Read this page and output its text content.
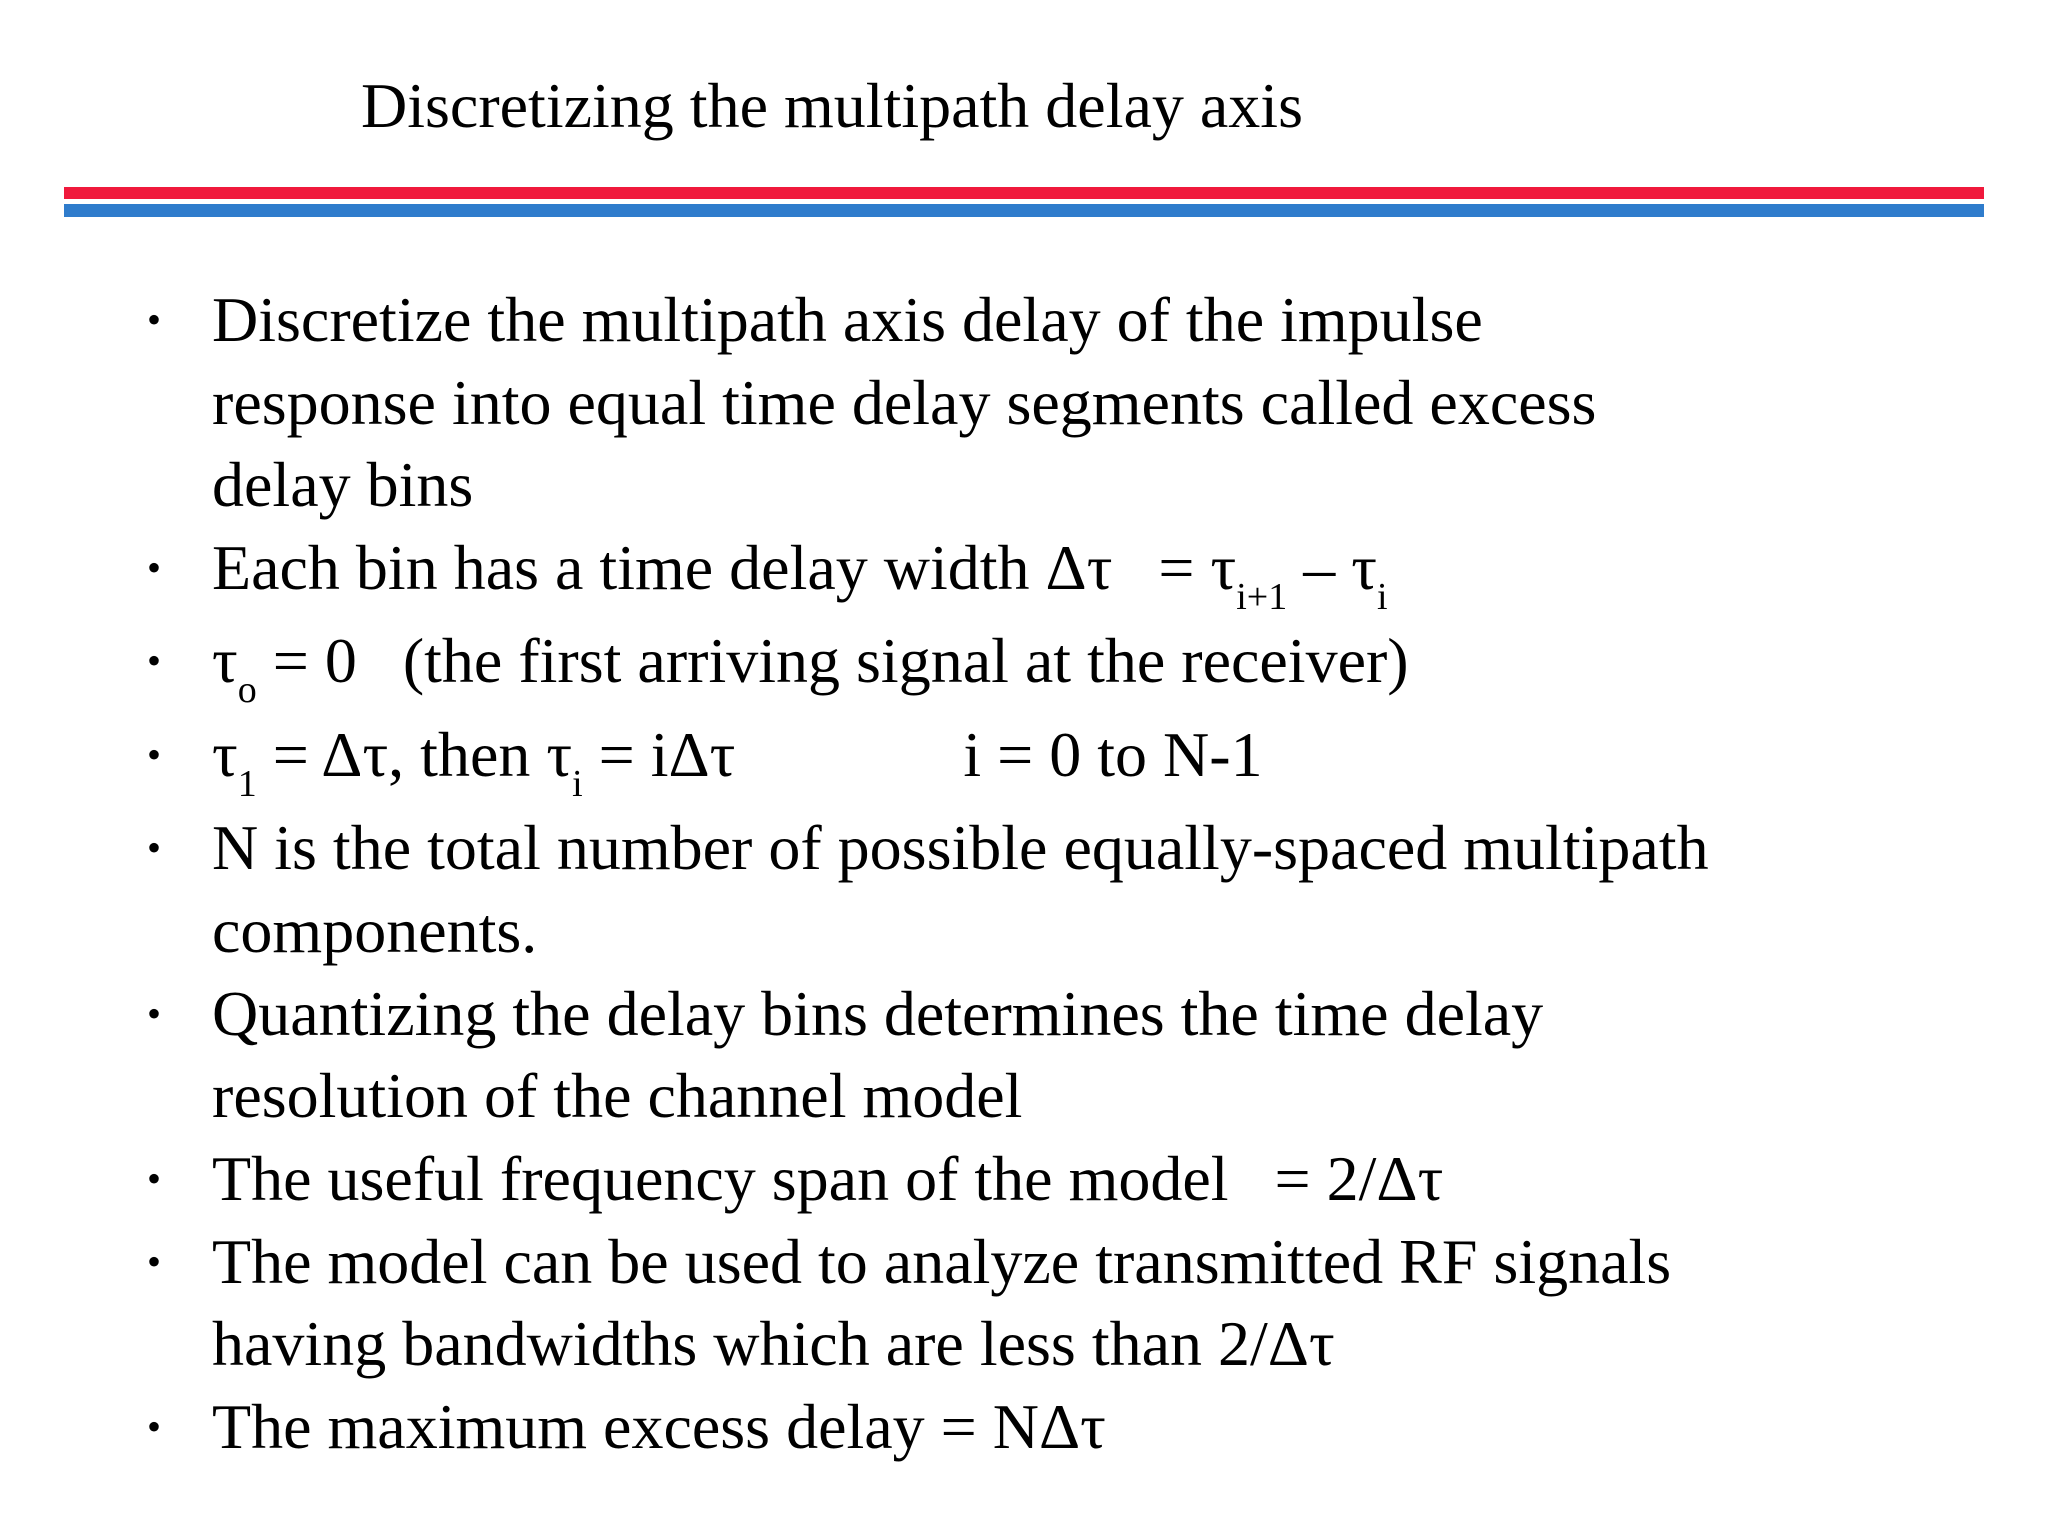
Discretizing the multipath delay axis
• Discretize the multipath axis delay of the impulse
response into equal time delay segments called excess
delay bins
• Each bin has a time delay width $\Delta\tau = \tau_{i+1} - \tau_i$
• $\tau_o = 0$ (the first arriving signal at the receiver)
• $\tau_1 = \Delta\tau$, then $\tau_i = i\Delta\tau$	i = 0 to N-1
• N is the total number of possible equally-spaced multipath
components.
• Quantizing the delay bins determines the time delay
resolution of the channel model
• The useful frequency span of the model = 2/Δτ
• The model can be used to analyze transmitted RF signals
having bandwidths which are less than 2/Δτ
• The maximum excess delay = NΔτ
